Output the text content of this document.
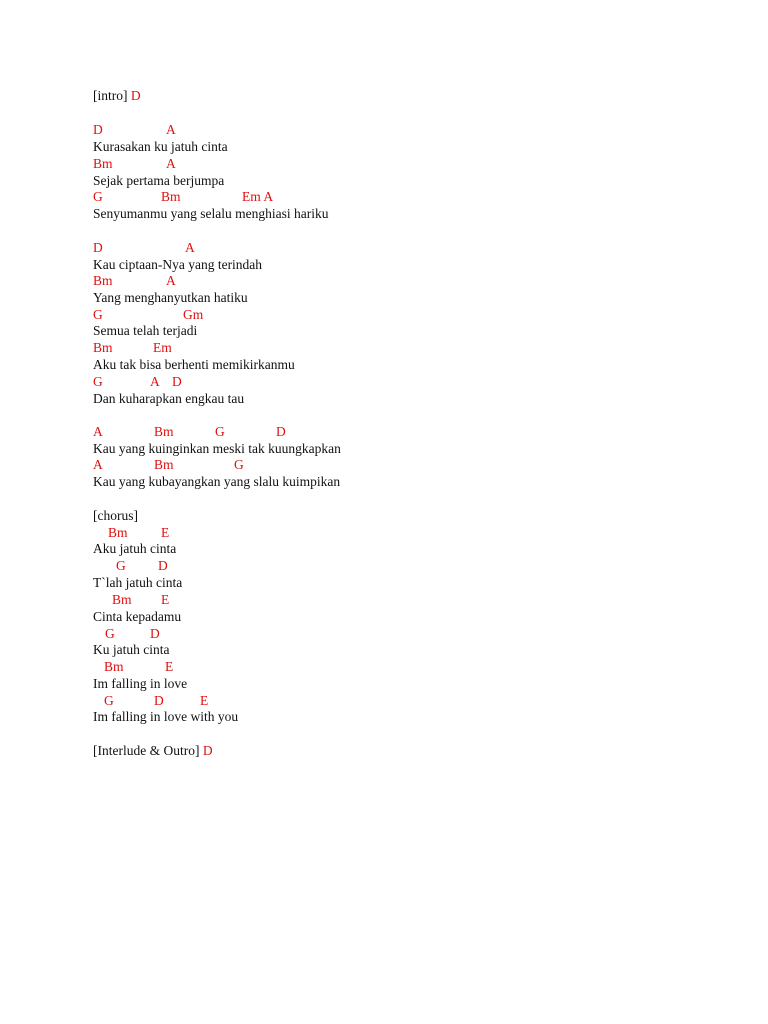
[intro] D

D

	A

Kurasakan ku jatuh cinta

Bm

	A

Sejak pertama berjumpa

G

	Bm

	Em A

Senyumanmu yang selalu menghiasi hariku

D

	A

Kau ciptaan-Nya yang terindah

Bm

	A

Yang menghanyutkan hatiku

G

	Gm

Semua telah terjadi

Bm

	Em

Aku tak bisa berhenti memikirkanmu

G

	A

D

Dan kuharapkan engkau tau

A

	Bm

	G

	D

Kau yang kuinginkan meski tak kuungkapkan

A

	Bm

	G

Kau yang kubayangkan yang slalu kuimpikan
[chorus]

Bm

E

Aku jatuh cinta

G

D

T`lah jatuh cinta

Bm

E

Cinta kepadamu

G

	D

Ku jatuh cinta

Bm

	E

Im falling in love

G

	D

	E

Im falling in love with you
[Interlude & Outro] D
